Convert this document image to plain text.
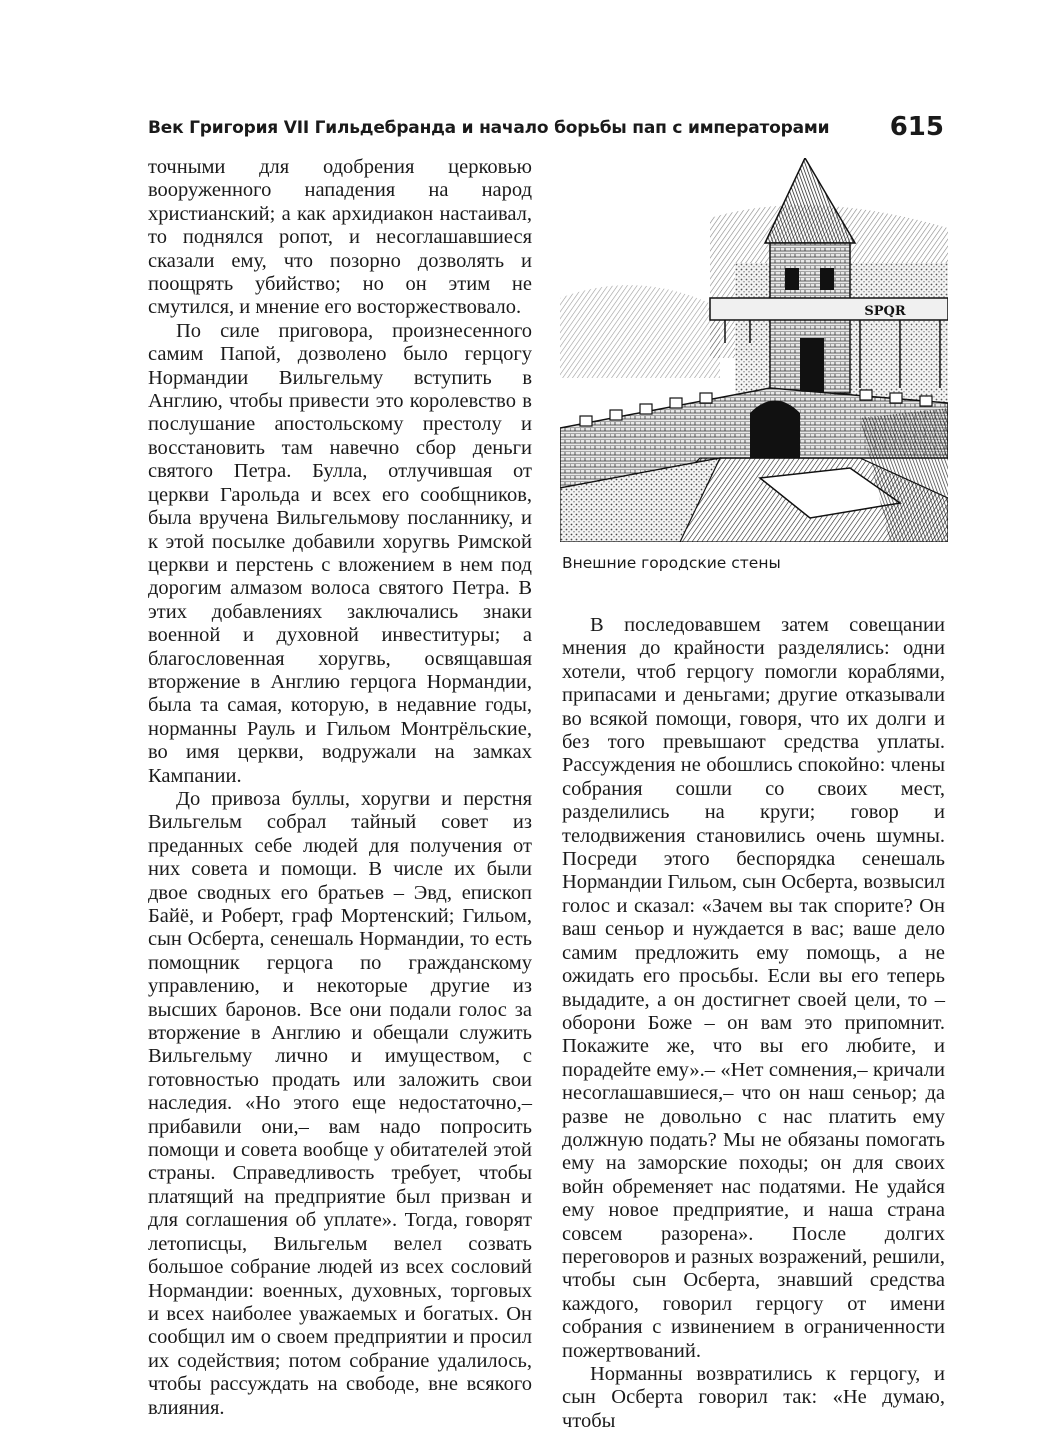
Век Григория VII Гильдебранда и начало борьбы пап с императорами 615

точными для одобрения церковью вооруженного нападения на народ христианский; а как архидиакон настаивал, то поднялся ропот, и несоглашавшиеся сказали ему, что позорно дозволять и поощрять убийство; но он этим не смутился, и мнение его восторжествовало.

По силе приговора, произнесенного самим Папой, дозволено было герцогу Нормандии Вильгельму вступить в Англию, чтобы привести это королевство в послушание апостольскому престолу и восстановить там навечно сбор деньги святого Петра. Булла, отлучившая от церкви Гарольда и всех его сообщников, была вручена Вильгельмову посланнику, и к этой посылке добавили хоругвь Римской церкви и перстень с вложением в нем под дорогим алмазом волоса святого Петра. В этих добавлениях заключались знаки военной и духовной инвеституры; а благословенная хоругвь, освящавшая вторжение в Англию герцога Нормандии, была та самая, которую, в недавние годы, норманны Рауль и Гильом Монтрёльские, во имя церкви, водружали на замках Кампании.

До привоза буллы, хоругви и перстня Вильгельм собрал тайный совет из преданных себе людей для получения от них совета и помощи. В числе их были двое сводных его братьев – Эвд, епископ Байё, и Роберт, граф Мортенский; Гильом, сын Осберта, сенешаль Нормандии, то есть помощник герцога по гражданскому управлению, и некоторые другие из высших баронов. Все они подали голос за вторжение в Англию и обещали служить Вильгельму лично и имуществом, с готовностью продать или заложить свои наследия. «Но этого еще недостаточно,– прибавили они,– вам надо попросить помощи и совета вообще у обитателей этой страны. Справедливость требует, чтобы платящий на предприятие был призван и для соглашения об уплате». Тогда, говорят летописцы, Вильгельм велел созвать большое собрание людей из всех сословий Нормандии: военных, духовных, торговых и всех наиболее уважаемых и богатых. Он сообщил им о своем предприятии и просил их содействия; потом собрание удалилось, чтобы рассуждать на свободе, вне всякого влияния.

SPQR
Внешние городские стены

В последовавшем затем совещании мнения до крайности разделялись: одни хотели, чтоб герцогу помогли кораблями, припасами и деньгами; другие отказывали во всякой помощи, говоря, что их долги и без того превышают средства уплаты. Рассуждения не обошлись спокойно: члены собрания сошли со своих мест, разделились на круги; говор и телодвижения становились очень шумны. Посреди этого беспорядка сенешаль Нормандии Гильом, сын Осберта, возвысил голос и сказал: «Зачем вы так спорите? Он ваш сеньор и нуждается в вас; ваше дело самим предложить ему помощь, а не ожидать его просьбы. Если вы его теперь выдадите, а он достигнет своей цели, то – оборони Боже – он вам это припомнит. Покажите же, что вы его любите, и порадейте ему».– «Нет сомнения,– кричали несоглашавшиеся,– что он наш сеньор; да разве не довольно с нас платить ему должную подать? Мы не обязаны помогать ему на заморские походы; он для своих войн обременяет нас податями. Не удайся ему новое предприятие, и наша страна совсем разорена». После долгих переговоров и разных возражений, решили, чтобы сын Осберта, знавший средства каждого, говорил герцогу от имени собрания с извинением в ограниченности пожертвований.

Норманны возвратились к герцогу, и сын Осберта говорил так: «Не думаю, чтобы
